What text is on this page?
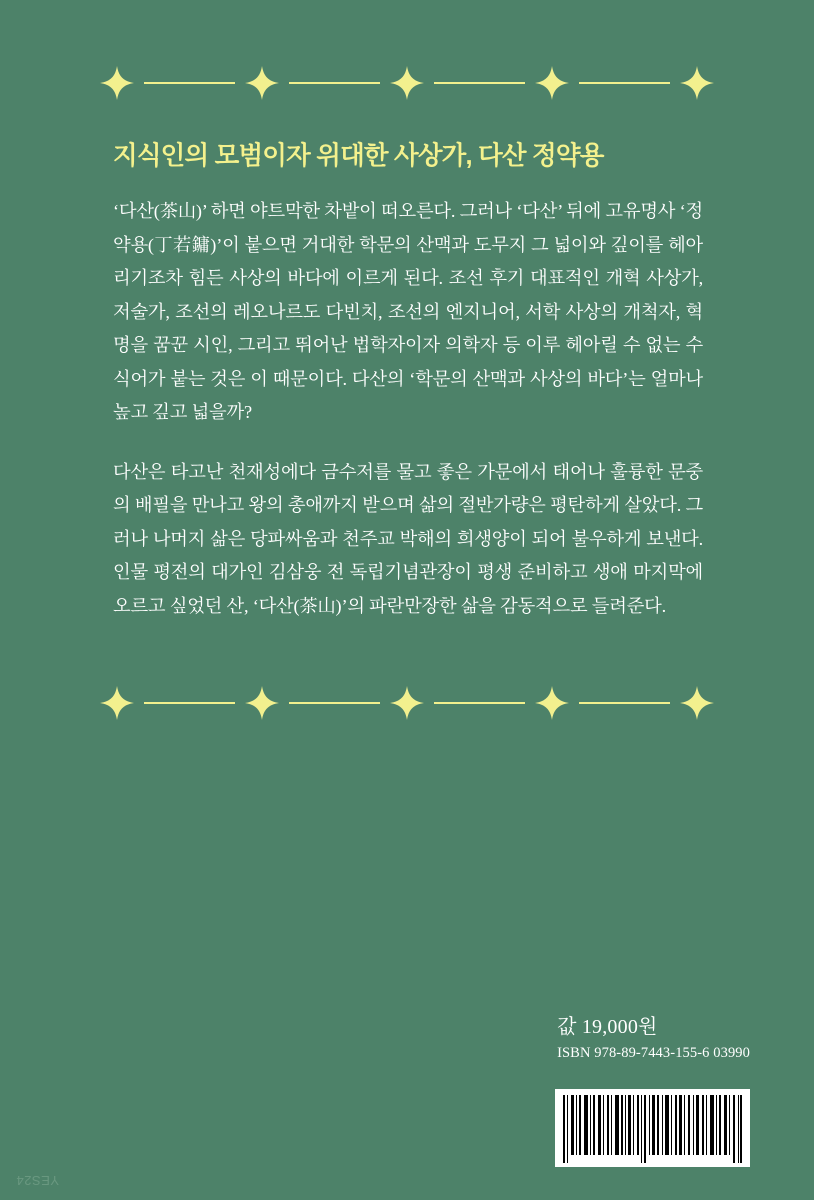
지식인의 모범이자 위대한 사상가, 다산 정약용

‘다산(茶山)’ 하면 야트막한 차밭이 떠오른다. 그러나 ‘다산’ 뒤에 고유명사 ‘정약용(丁若鏞)’이 붙으면 거대한 학문의 산맥과 도무지 그 넓이와 깊이를 헤아리기조차 힘든 사상의 바다에 이르게 된다. 조선 후기 대표적인 개혁 사상가, 저술가, 조선의 레오나르도 다빈치, 조선의 엔지니어, 서학 사상의 개척자, 혁명을 꿈꾼 시인, 그리고 뛰어난 법학자이자 의학자 등 이루 헤아릴 수 없는 수식어가 붙는 것은 이 때문이다. 다산의 ‘학문의 산맥과 사상의 바다’는 얼마나 높고 깊고 넓을까?

다산은 타고난 천재성에다 금수저를 물고 좋은 가문에서 태어나 훌륭한 문중의 배필을 만나고 왕의 총애까지 받으며 삶의 절반가량은 평탄하게 살았다. 그러나 나머지 삶은 당파싸움과 천주교 박해의 희생양이 되어 불우하게 보낸다. 인물 평전의 대가인 김삼웅 전 독립기념관장이 평생 준비하고 생애 마지막에 오르고 싶었던 산, ‘다산(茶山)’의 파란만장한 삶을 감동적으로 들려준다.

값 19,000원
ISBN 978-89-7443-155-6 03990
YES24
